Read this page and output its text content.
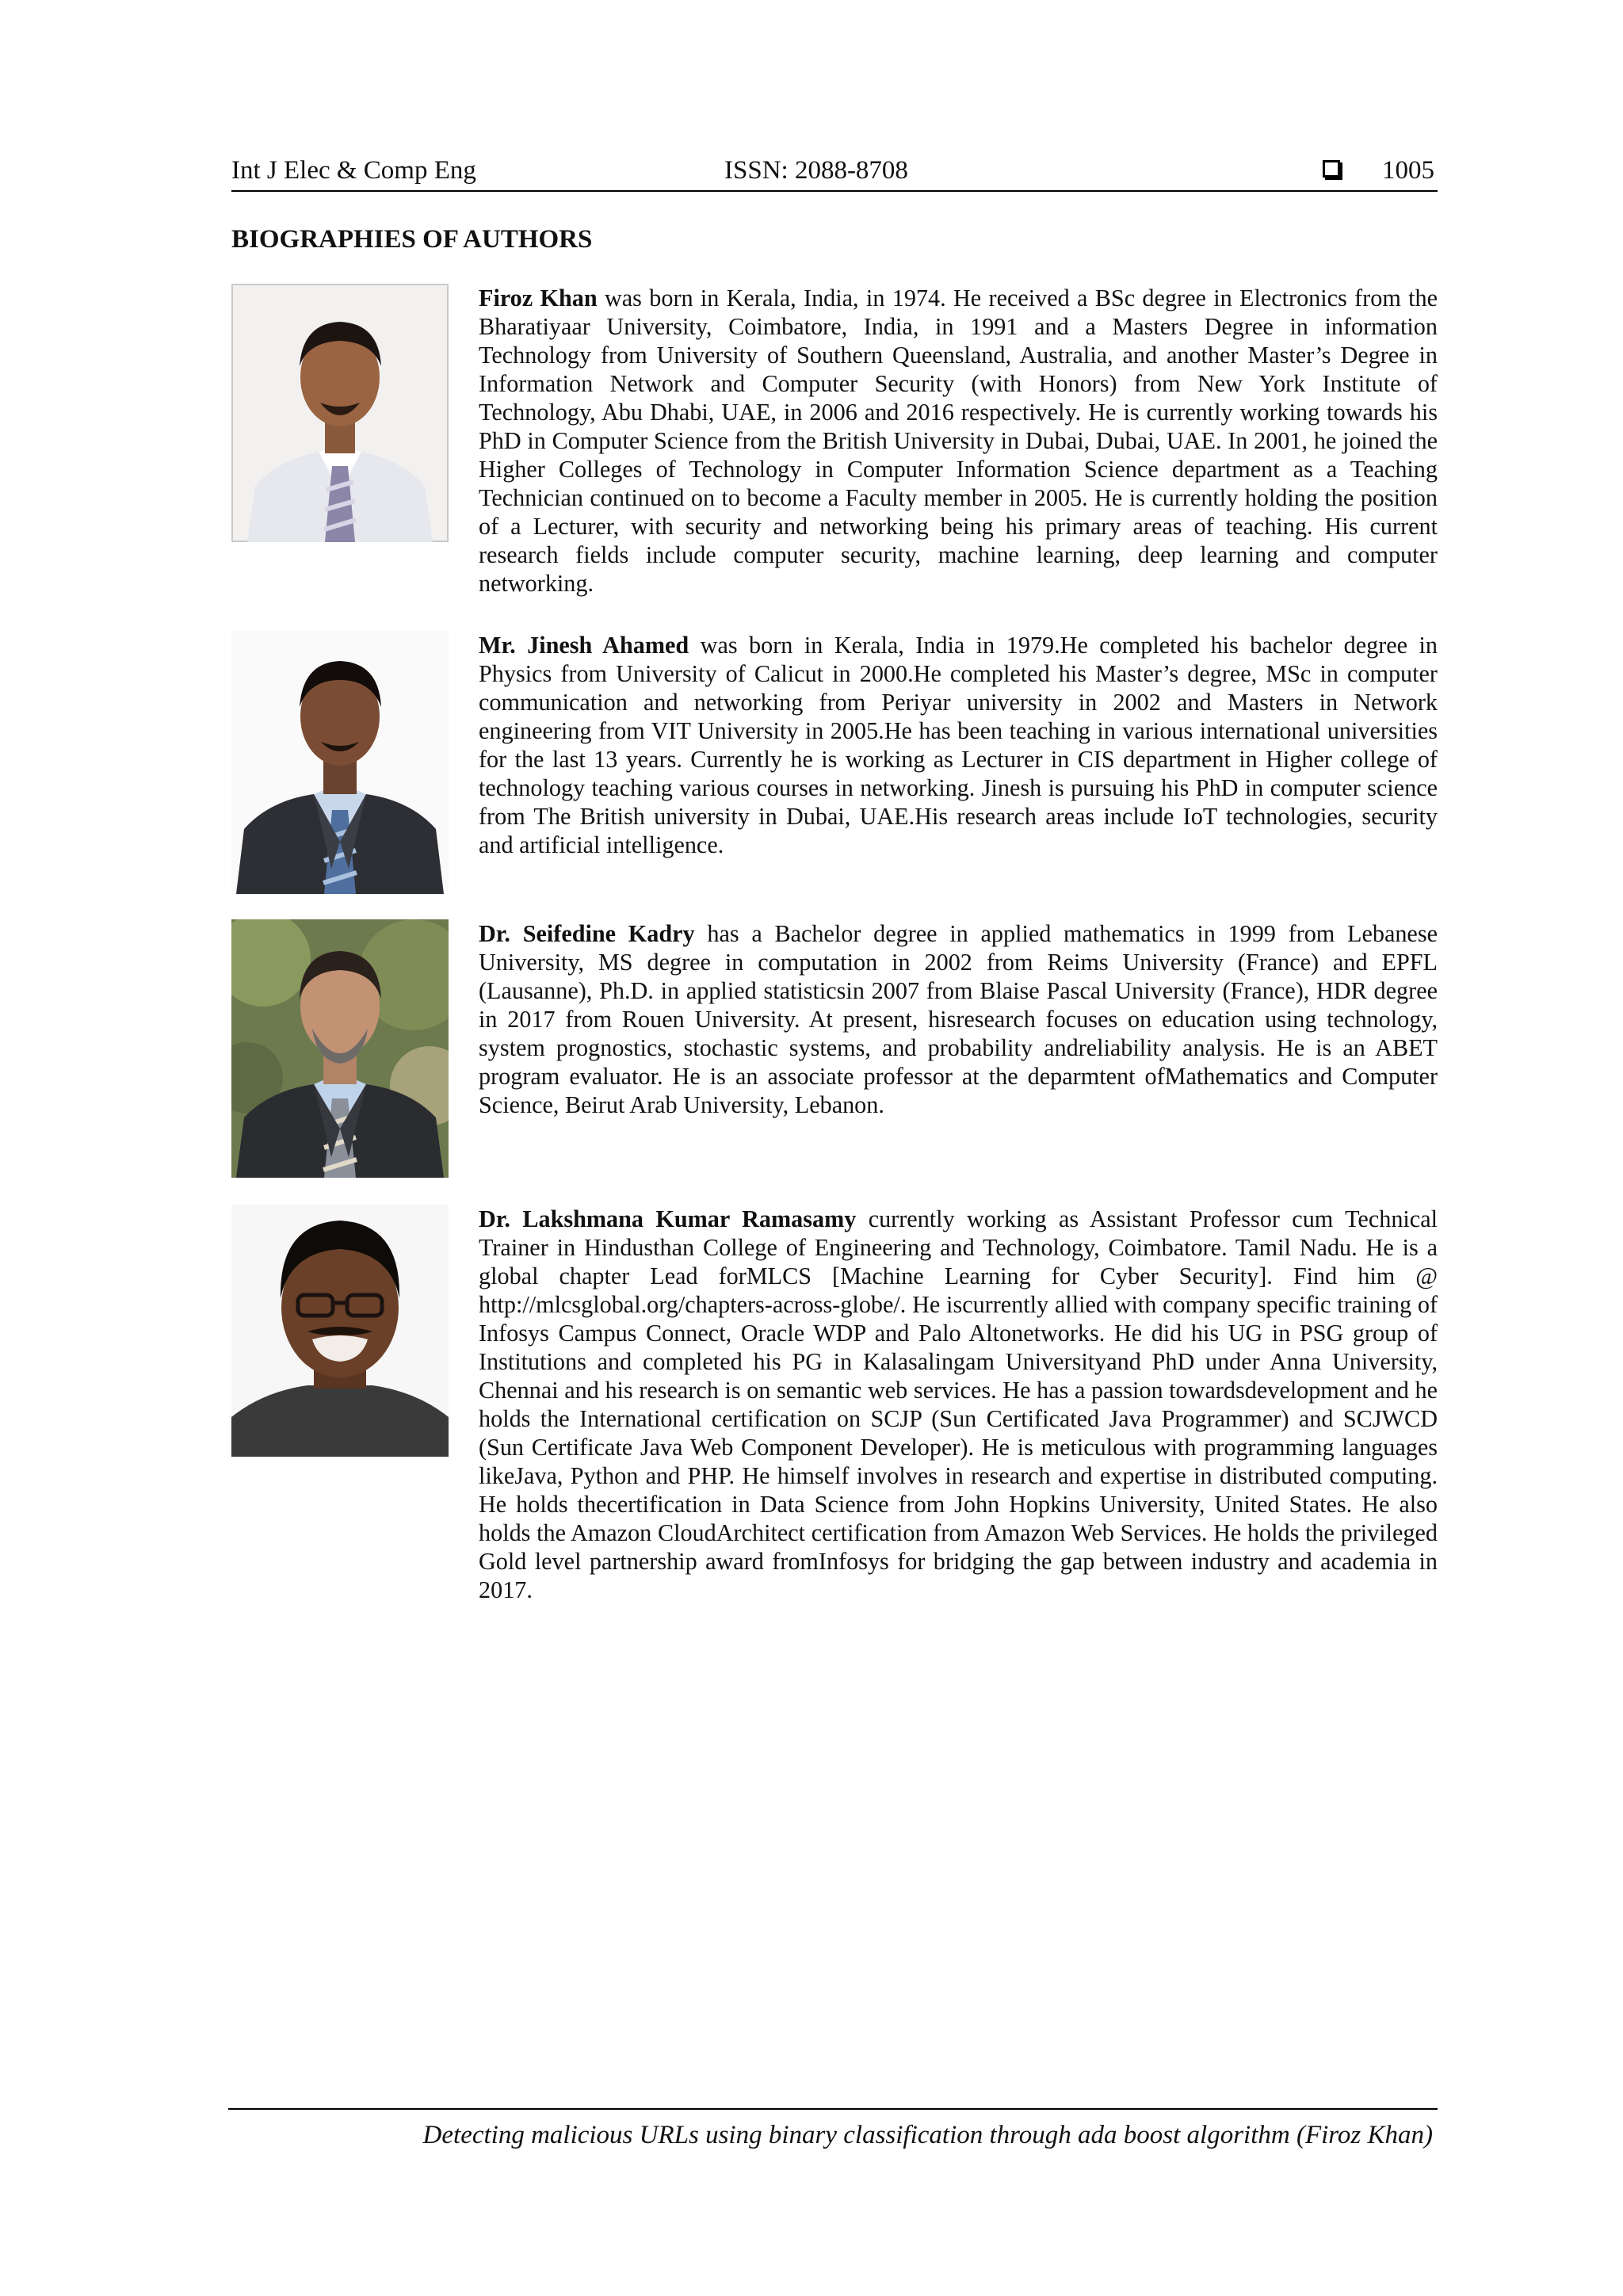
Int J Elec & Comp Eng	ISSN: 2088-8708	1005
BIOGRAPHIES OF AUTHORS

Firoz Khan was born in Kerala, India, in 1974. He received a BSc degree in Electronics from the Bharatiyaar University, Coimbatore, India, in 1991 and a Masters Degree in information Technology from University of Southern Queensland, Australia, and another Master’s Degree in Information Network and Computer Security (with Honors) from New York Institute of Technology, Abu Dhabi, UAE, in 2006 and 2016 respectively. He is currently working towards his PhD in Computer Science from the British University in Dubai, Dubai, UAE. In 2001, he joined the Higher Colleges of Technology in Computer Information Science department as a Teaching Technician continued on to become a Faculty member in 2005. He is currently holding the position of a Lecturer, with security and networking being his primary areas of teaching. His current research fields include computer security, machine learning, deep learning and computer networking.

Mr. Jinesh Ahamed was born in Kerala, India in 1979.He completed his bachelor degree in Physics from University of Calicut in 2000.He completed his Master’s degree, MSc in computer communication and networking from Periyar university in 2002 and Masters in Network engineering from VIT University in 2005.He has been teaching in various international universities for the last 13 years. Currently he is working as Lecturer in CIS department in Higher college of technology teaching various courses in networking. Jinesh is pursuing his PhD in computer science from The British university in Dubai, UAE.His research areas include IoT technologies, security and artificial intelligence.

Dr. Seifedine Kadry has a Bachelor degree in applied mathematics in 1999 from Lebanese University, MS degree in computation in 2002 from Reims University (France) and EPFL (Lausanne), Ph.D. in applied statisticsin 2007 from Blaise Pascal University (France), HDR degree in 2017 from Rouen University. At present, hisresearch focuses on education using technology, system prognostics, stochastic systems, and probability andreliability analysis. He is an ABET program evaluator. He is an associate professor at the deparmtent ofMathematics and Computer Science, Beirut Arab University, Lebanon.

Dr. Lakshmana Kumar Ramasamy currently working as Assistant Professor cum Technical Trainer in Hindusthan College of Engineering and Technology, Coimbatore. Tamil Nadu. He is a global chapter Lead forMLCS [Machine Learning for Cyber Security]. Find him @ http://mlcsglobal.org/chapters-across-globe/. He iscurrently allied with company specific training of Infosys Campus Connect, Oracle WDP and Palo Altonetworks. He did his UG in PSG group of Institutions and completed his PG in Kalasalingam Universityand PhD under Anna University, Chennai and his research is on semantic web services. He has a passion towardsdevelopment and he holds the International certification on SCJP (Sun Certificated Java Programmer) and SCJWCD (Sun Certificate Java Web Component Developer). He is meticulous with programming languages likeJava, Python and PHP. He himself involves in research and expertise in distributed computing. He holds thecertification in Data Science from John Hopkins University, United States. He also holds the Amazon CloudArchitect certification from Amazon Web Services. He holds the privileged Gold level partnership award fromInfosys for bridging the gap between industry and academia in 2017.

Detecting malicious URLs using binary classification through ada boost algorithm (Firoz Khan)
